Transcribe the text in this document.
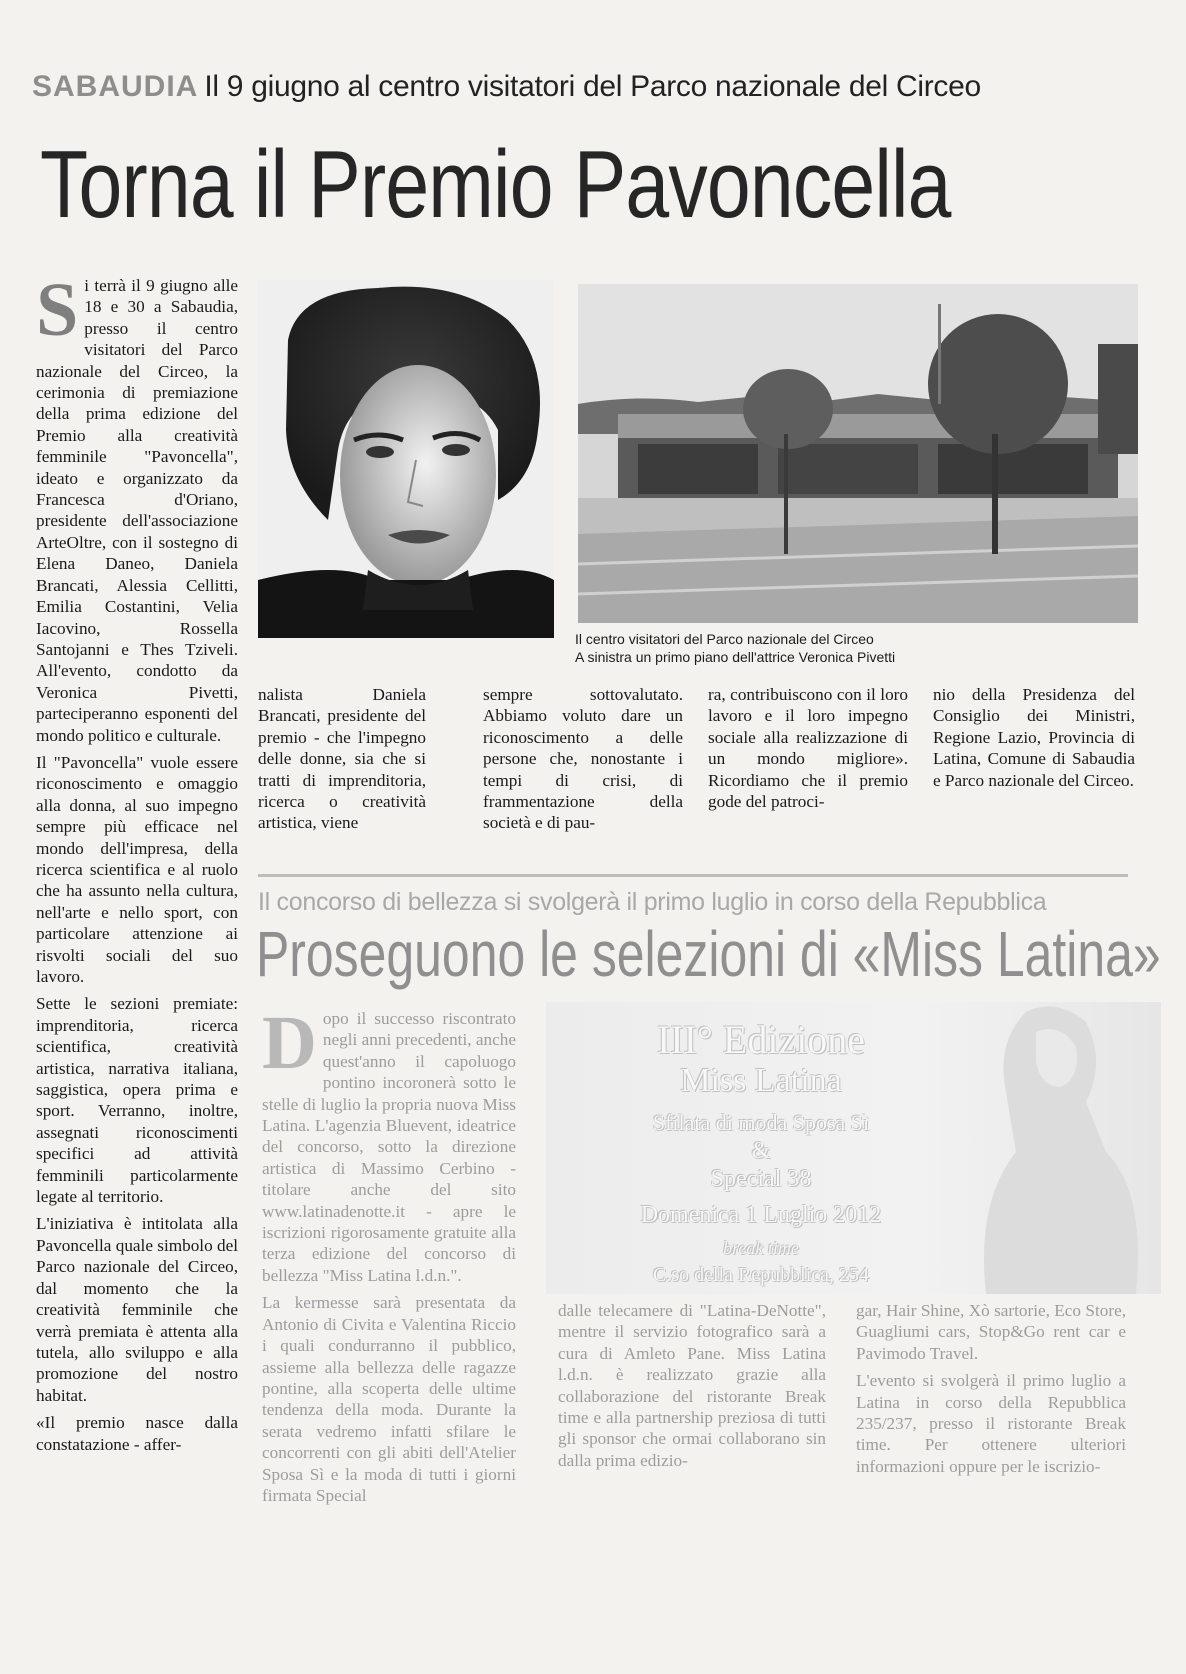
SABAUDIA Il 9 giugno al centro visitatori del Parco nazionale del Circeo
Torna il Premio Pavoncella
S i terrà il 9 giugno alle 18 e 30 a Sabaudia, presso il centro visitatori del Parco nazionale del Circeo, la cerimonia di premiazione della prima edizione del Premio alla creatività femminile "Pavoncella", ideato e organizzato da Francesca d'Oriano, presidente dell'associazione ArteOltre, con il sostegno di Elena Daneo, Daniela Brancati, Alessia Cellitti, Emilia Costantini, Velia Iacovino, Rossella Santojanni e Thes Tziveli. All'evento, condotto da Veronica Pivetti, parteciperanno esponenti del mondo politico e culturale.

Il "Pavoncella" vuole essere riconoscimento e omaggio alla donna, al suo impegno sempre più efficace nel mondo dell'impresa, della ricerca scientifica e al ruolo che ha assunto nella cultura, nell'arte e nello sport, con particolare attenzione ai risvolti sociali del suo lavoro.

Sette le sezioni premiate: imprenditoria, ricerca scientifica, creatività artistica, narrativa italiana, saggistica, opera prima e sport. Verranno, inoltre, assegnati riconoscimenti specifici ad attività femminili particolarmente legate al territorio.

L'iniziativa è intitolata alla Pavoncella quale simbolo del Parco nazionale del Circeo, dal momento che la creatività femminile che verrà premiata è attenta alla tutela, allo sviluppo e alla promozione del nostro habitat.

«Il premio nasce dalla constatazione - affer-

Il centro visitatori del Parco nazionale del Circeo
A sinistra un primo piano dell'attrice Veronica Pivetti

nalista Daniela Brancati, presidente del premio - che l'impegno delle donne, sia che si tratti di imprenditoria, ricerca o creatività artistica, viene

sempre sottovalutato. Abbiamo voluto dare un riconoscimento a delle persone che, nonostante i tempi di crisi, di frammentazione della società e di pau-

ra, contribuiscono con il loro lavoro e il loro impegno sociale alla realizzazione di un mondo migliore». Ricordiamo che il premio gode del patroci-

nio della Presidenza del Consiglio dei Ministri, Regione Lazio, Provincia di Latina, Comune di Sabaudia e Parco nazionale del Circeo.

Il concorso di bellezza si svolgerà il primo luglio in corso della Repubblica
Proseguono le selezioni di «Miss Latina»
D opo il successo riscontrato negli anni precedenti, anche quest'anno il capoluogo pontino incoronerà sotto le stelle di luglio la propria nuova Miss Latina. L'agenzia Bluevent, ideatrice del concorso, sotto la direzione artistica di Massimo Cerbino - titolare anche del sito www.latinadenotte.it - apre le iscrizioni rigorosamente gratuite alla terza edizione del concorso di bellezza "Miss Latina l.d.n.".

La kermesse sarà presentata da Antonio di Civita e Valentina Riccio i quali condurranno il pubblico, assieme alla bellezza delle ragazze pontine, alla scoperta delle ultime tendenza della moda. Durante la serata vedremo infatti sfilare le concorrenti con gli abiti dell'Atelier Sposa Sì e la moda di tutti i giorni firmata Special

III° Edizione
Miss Latina
Sfilata di moda Sposa Sì
&
Special 38
Domenica 1 Luglio 2012
break time
C.so della Repubblica, 254

dalle telecamere di "Latina-DeNotte", mentre il servizio fotografico sarà a cura di Amleto Pane. Miss Latina l.d.n. è realizzato grazie alla collaborazione del ristorante Break time e alla partnership preziosa di tutti gli sponsor che ormai collaborano sin dalla prima edizio-

gar, Hair Shine, Xò sartorie, Eco Store, Guagliumi cars, Stop&Go rent car e Pavimodo Travel.

L'evento si svolgerà il primo luglio a Latina in corso della Repubblica 235/237, presso il ristorante Break time. Per ottenere ulteriori informazioni oppure per le iscrizio-
